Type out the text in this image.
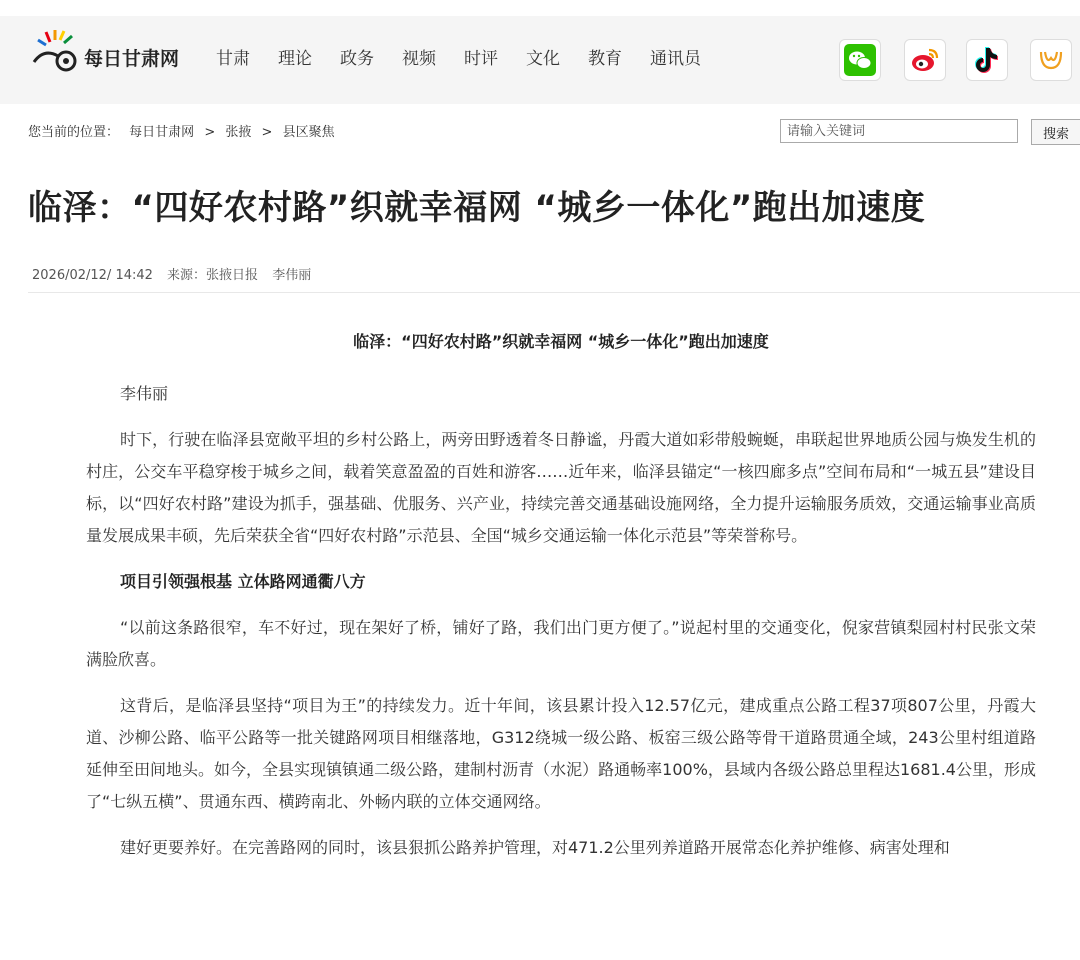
每日甘肃网 甘肃 理论 政务 视频 时评 文化 教育 通讯员
您当前的位置： 每日甘肃网 > 张掖 > 县区聚焦
请输入关键词	搜索
临泽：“四好农村路”织就幸福网 “城乡一体化”跑出加速度
2026/02/12/ 14:42 来源：张掖日报 李伟丽
临泽：“四好农村路”织就幸福网 “城乡一体化”跑出加速度
李伟丽

时下，行驶在临泽县宽敞平坦的乡村公路上，两旁田野透着冬日静谧，丹霞大道如彩带般蜿蜒，串联起世界地质公园与焕发生机的村庄，公交车平稳穿梭于城乡之间，载着笑意盈盈的百姓和游客……近年来，临泽县锚定“一核四廊多点”空间布局和“一城五县”建设目标，以“四好农村路”建设为抓手，强基础、优服务、兴产业，持续完善交通基础设施网络，全力提升运输服务质效，交通运输事业高质量发展成果丰硕，先后荣获全省“四好农村路”示范县、全国“城乡交通运输一体化示范县”等荣誉称号。

项目引领强根基 立体路网通衢八方

“以前这条路很窄，车不好过，现在架好了桥，铺好了路，我们出门更方便了。”说起村里的交通变化，倪家营镇梨园村村民张文荣满脸欣喜。

这背后，是临泽县坚持“项目为王”的持续发力。近十年间，该县累计投入12.57亿元，建成重点公路工程37项807公里，丹霞大道、沙柳公路、临平公路等一批关键路网项目相继落地，G312绕城一级公路、板窑三级公路等骨干道路贯通全域，243公里村组道路延伸至田间地头。如今，全县实现镇镇通二级公路，建制村沥青（水泥）路通畅率100%，县域内各级公路总里程达1681.4公里，形成了“七纵五横”、贯通东西、横跨南北、外畅内联的立体交通网络。

建好更要养好。在完善路网的同时，该县狠抓公路养护管理，对471.2公里列养道路开展常态化养护维修、病害处理和
